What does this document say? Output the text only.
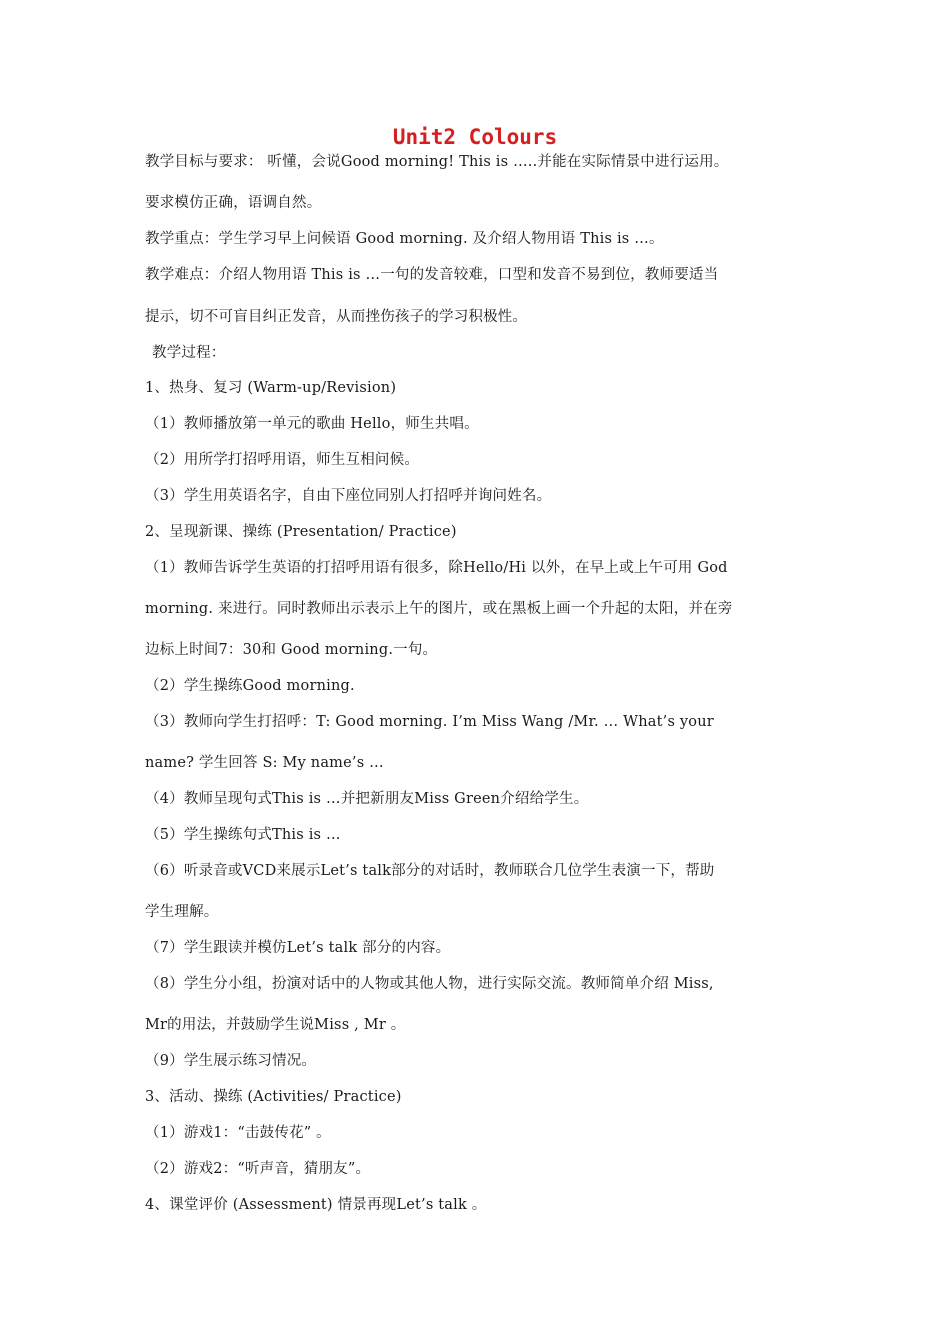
Unit2 Colours
教学目标与要求： 听懂，会说Good morning! This is …..并能在实际情景中进行运用。
要求模仿正确，语调自然。
教学重点：学生学习早上问候语 Good morning. 及介绍人物用语 This is …。
教学难点：介绍人物用语 This is …一句的发音较难，口型和发音不易到位，教师要适当
提示，切不可盲目纠正发音，从而挫伤孩子的学习积极性。
教学过程：
1、热身、复习 (Warm-up/Revision)
（1）教师播放第一单元的歌曲 Hello，师生共唱。
（2）用所学打招呼用语，师生互相问候。
（3）学生用英语名字，自由下座位同别人打招呼并询问姓名。
2、呈现新课、操练 (Presentation/ Practice)
（1）教师告诉学生英语的打招呼用语有很多，除Hello/Hi 以外，在早上或上午可用 God
morning. 来进行。同时教师出示表示上午的图片，或在黑板上画一个升起的太阳，并在旁
边标上时间7：30和 Good morning.一句。
（2）学生操练Good morning.
（3）教师向学生打招呼：T: Good morning. I’m Miss Wang /Mr. … What’s your
name? 学生回答 S: My name’s …
（4）教师呈现句式This is …并把新朋友Miss Green介绍给学生。
（5）学生操练句式This is …
（6）听录音或VCD来展示Let’s talk部分的对话时，教师联合几位学生表演一下，帮助
学生理解。
（7）学生跟读并模仿Let’s talk 部分的内容。
（8）学生分小组，扮演对话中的人物或其他人物，进行实际交流。教师简单介绍 Miss,
Mr的用法，并鼓励学生说Miss , Mr 。
（9）学生展示练习情况。
3、活动、操练 (Activities/ Practice)
（1）游戏1：“击鼓传花” 。
（2）游戏2：“听声音，猜朋友”。
4、课堂评价 (Assessment) 情景再现Let’s talk 。
